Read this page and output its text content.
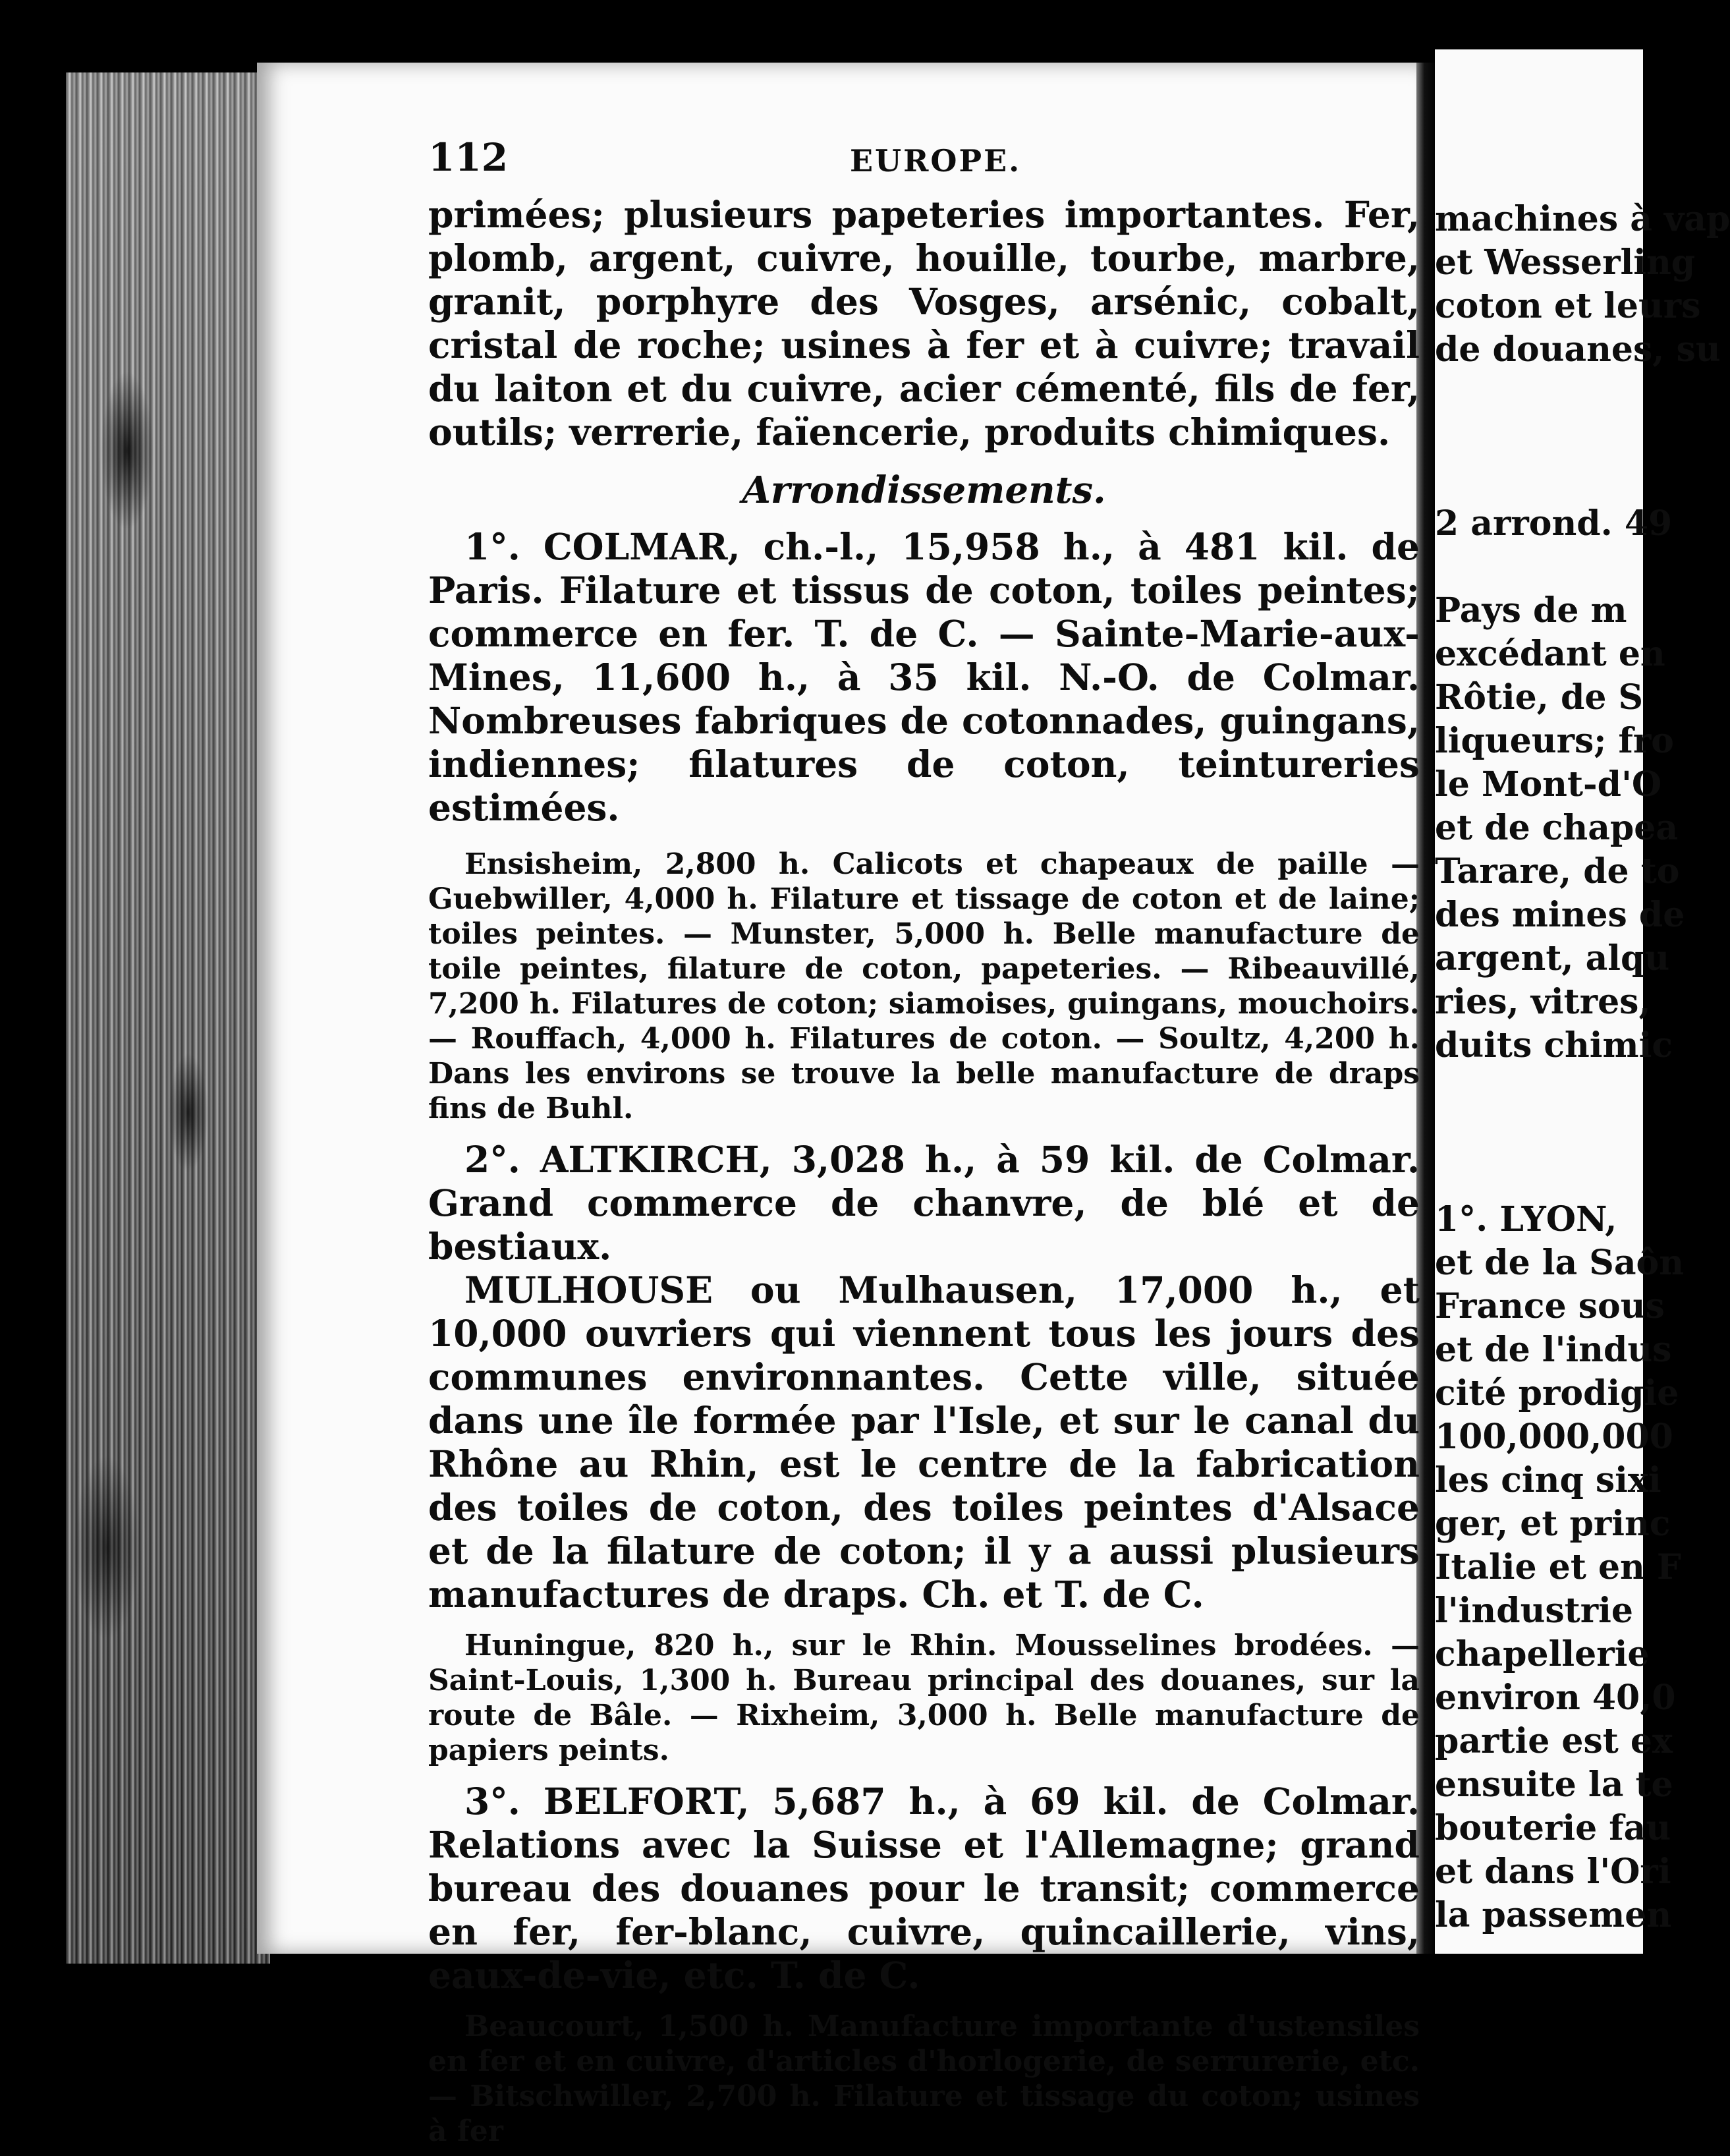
machines à vap
et Wesserling
coton et leurs
de douanes, su

2 arrond. 49

Pays de m
excédant en
Rôtie, de S
liqueurs; fro
le Mont-d'O
et de chapea
Tarare, de to
des mines de
argent, alqu
ries, vitres,
duits chimic

1°. LYON,
et de la Saôn
France sous
et de l'indus
cité prodigie
100,000,000
les cinq sixi
ger, et prinс
Italie et en F
l'industrie
chapellerie
environ 40,0
partie est ex
ensuite la te
bouterie fau
et dans l'Ori
la passemen
112	EUROPE.

primées; plusieurs papeteries importantes. Fer, plomb, argent, cuivre, houille, tourbe, marbre, granit, porphyre des Vosges, arsénic, cobalt, cristal de roche; usines à fer et à cuivre; travail du laiton et du cuivre, acier cémenté, fils de fer, outils; verrerie, faïencerie, produits chimiques.

Arrondissements.

1°. COLMAR, ch.-l., 15,958 h., à 481 kil. de Paris. Filature et tissus de coton, toiles peintes; commerce en fer. T. de C. — Sainte-Marie-aux-Mines, 11,600 h., à 35 kil. N.-O. de Colmar. Nombreuses fabriques de cotonnades, guingans, indiennes; filatures de coton, teintureries estimées.

Ensisheim, 2,800 h. Calicots et chapeaux de paille — Guebwiller, 4,000 h. Filature et tissage de coton et de laine; toiles peintes. — Munster, 5,000 h. Belle manufacture de toile peintes, filature de coton, papeteries. — Ribeauvillé, 7,200 h. Filatures de coton; siamoises, guingans, mouchoirs. — Rouffach, 4,000 h. Filatures de coton. — Soultz, 4,200 h. Dans les environs se trouve la belle manufacture de draps fins de Buhl.

2°. ALTKIRCH, 3,028 h., à 59 kil. de Colmar. Grand commerce de chanvre, de blé et de bestiaux.

MULHOUSE ou Mulhausen, 17,000 h., et 10,000 ouvriers qui viennent tous les jours des communes environnantes. Cette ville, située dans une île formée par l'Isle, et sur le canal du Rhône au Rhin, est le centre de la fabrication des toiles de coton, des toiles peintes d'Alsace et de la filature de coton; il y a aussi plusieurs manufactures de draps. Ch. et T. de C.

Huningue, 820 h., sur le Rhin. Mousselines brodées. — Saint-Louis, 1,300 h. Bureau principal des douanes, sur la route de Bâle. — Rixheim, 3,000 h. Belle manufacture de papiers peints.

3°. BELFORT, 5,687 h., à 69 kil. de Colmar. Relations avec la Suisse et l'Allemagne; grand bureau des douanes pour le transit; commerce en fer, fer-blanc, cuivre, quincaillerie, vins, eaux-de-vie, etc. T. de C.

Beaucourt, 1,500 h. Manufacture importante d'ustensiles en fer et en cuivre, d'articles d'horlogerie, de serrurerie, etc. — Bitschwiller, 2,700 h. Filature et tissage du coton; usines à fer
